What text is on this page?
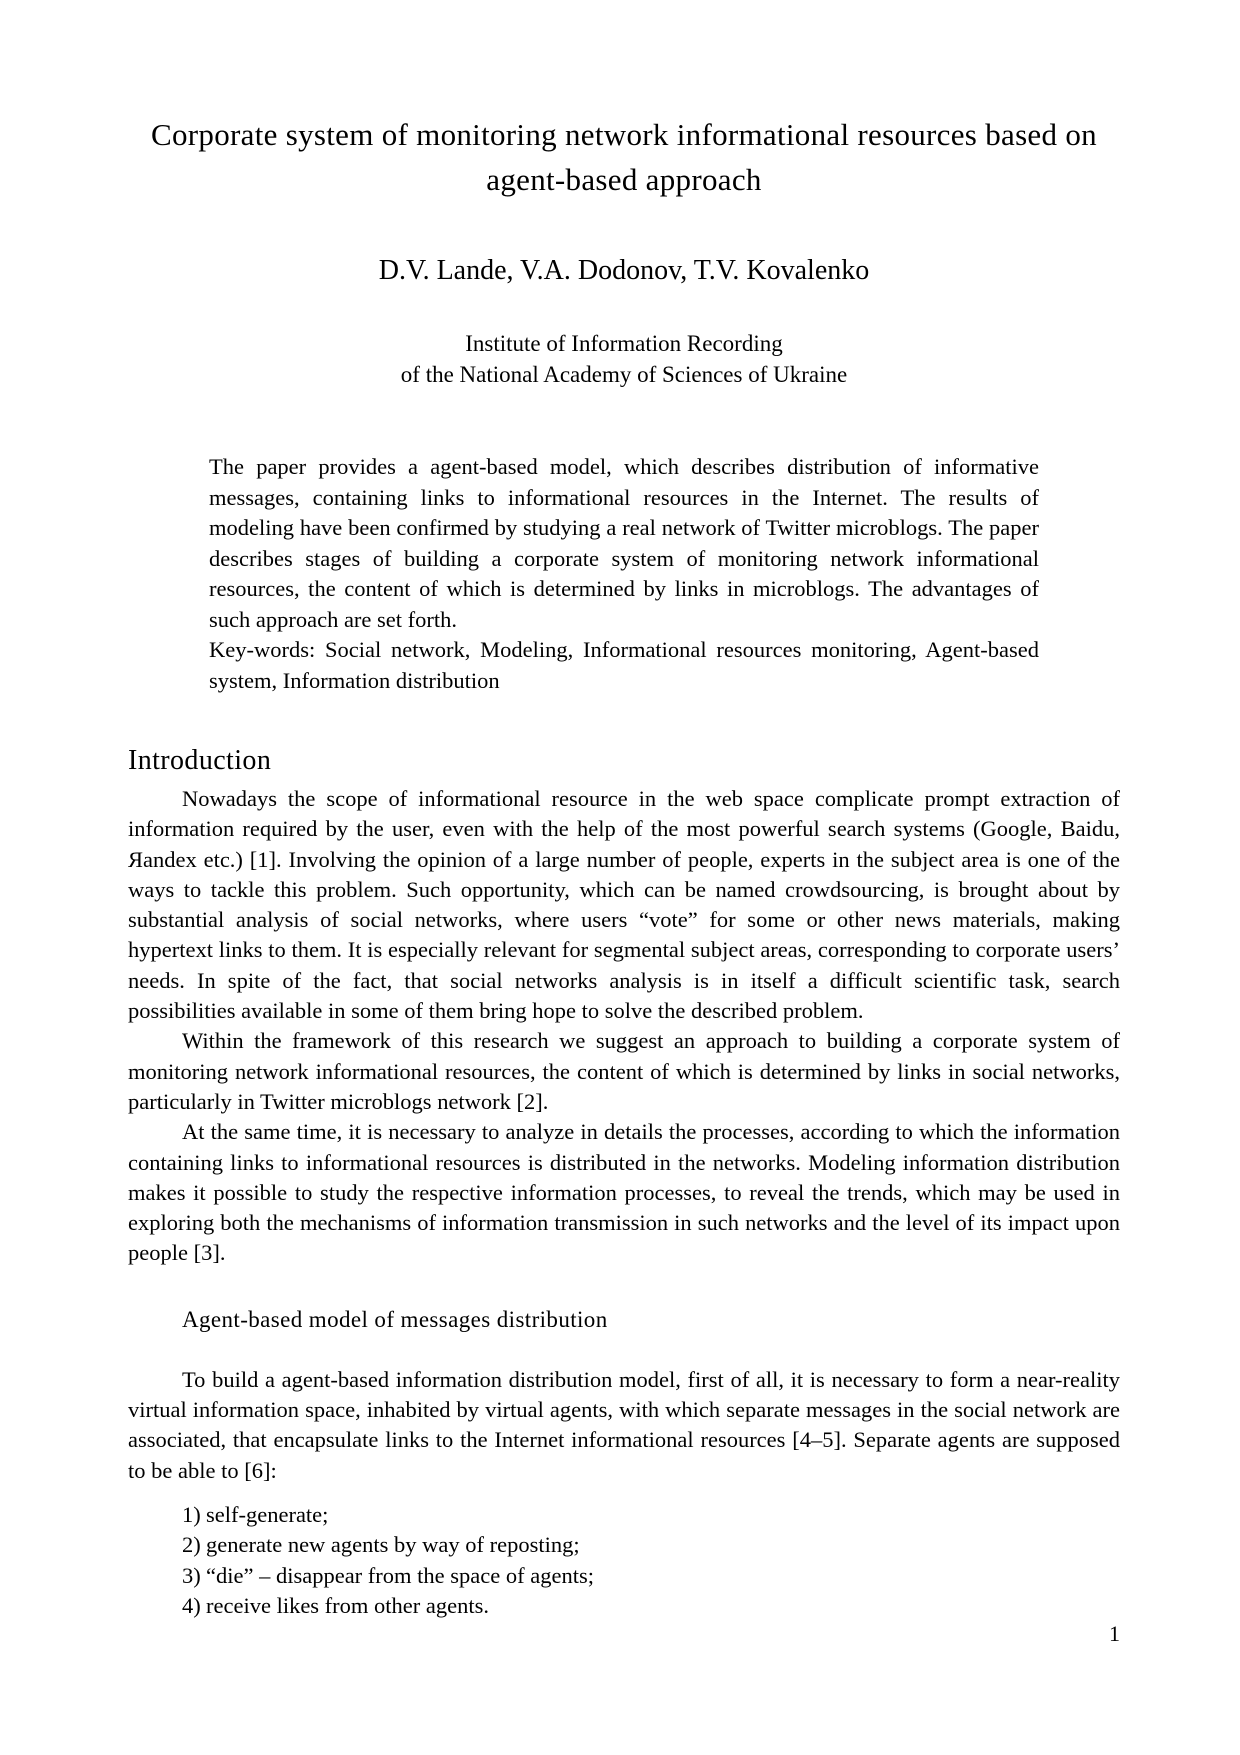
Corporate system of monitoring network informational resources based on agent-based approach

D.V. Lande, V.A. Dodonov, T.V. Kovalenko

Institute of Information Recording

of the National Academy of Sciences of Ukraine

The paper provides a agent-based model, which describes distribution of informative messages, containing links to informational resources in the Internet. The results of modeling have been confirmed by studying a real network of Twitter microblogs. The paper describes stages of building a corporate system of monitoring network informational resources, the content of which is determined by links in microblogs. The advantages of such approach are set forth.

Key-words: Social network, Modeling, Informational resources monitoring, Agent-based system, Information distribution

Introduction

Nowadays the scope of informational resource in the web space complicate prompt extraction of information required by the user, even with the help of the most powerful search systems (Google, Baidu, Яandex etc.) [1]. Involving the opinion of a large number of people, experts in the subject area is one of the ways to tackle this problem. Such opportunity, which can be named crowdsourcing, is brought about by substantial analysis of social networks, where users “vote” for some or other news materials, making hypertext links to them. It is especially relevant for segmental subject areas, corresponding to corporate users’ needs. In spite of the fact, that social networks analysis is in itself a difficult scientific task, search possibilities available in some of them bring hope to solve the described problem.

Within the framework of this research we suggest an approach to building a corporate system of monitoring network informational resources, the content of which is determined by links in social networks, particularly in Twitter microblogs network [2].

At the same time, it is necessary to analyze in details the processes, according to which the information containing links to informational resources is distributed in the networks. Modeling information distribution makes it possible to study the respective information processes, to reveal the trends, which may be used in exploring both the mechanisms of information transmission in such networks and the level of its impact upon people [3].

Agent-based model of messages distribution

To build a agent-based information distribution model, first of all, it is necessary to form a near-reality virtual information space, inhabited by virtual agents, with which separate messages in the social network are associated, that encapsulate links to the Internet informational resources [4–5]. Separate agents are supposed to be able to [6]:

1) self-generate;
2) generate new agents by way of reposting;
3) “die” – disappear from the space of agents;
4) receive likes from other agents.
1
